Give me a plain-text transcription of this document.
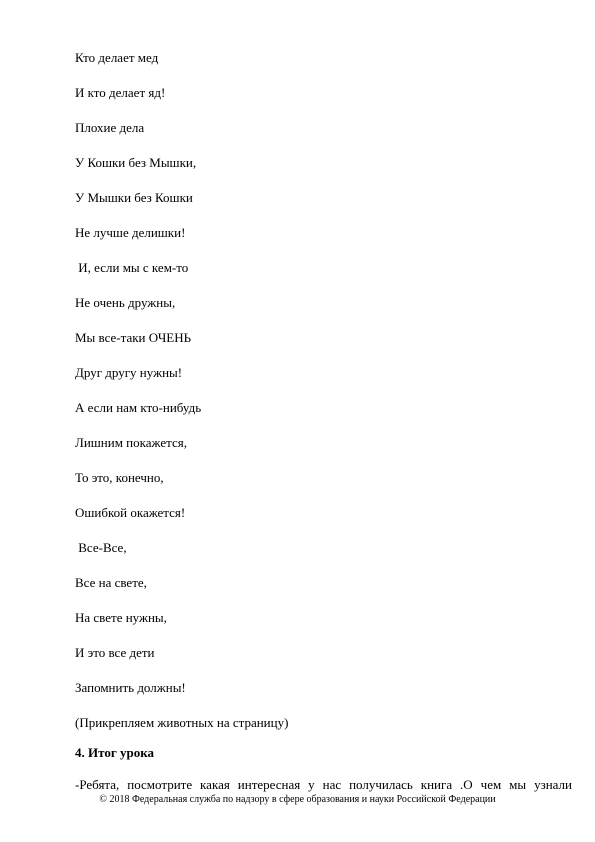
Кто делает мед
И кто делает яд!
Плохие дела
У Кошки без Мышки,
У Мышки без Кошки
Не лучше делишки!
И, если мы с кем-то
Не очень дружны,
Мы все-таки ОЧЕНЬ
Друг другу нужны!
А если нам кто-нибудь
Лишним покажется,
То это, конечно,
Ошибкой окажется!
Все-Все,
Все на свете,
На свете нужны,
И это все дети
Запомнить должны!
(Прикрепляем животных на страницу)
4. Итог урока
-Ребята, посмотрите какая интересная у нас получилась книга .О чем мы узнали
© 2018 Федеральная служба по надзору в сфере образования и науки Российской Федерации
